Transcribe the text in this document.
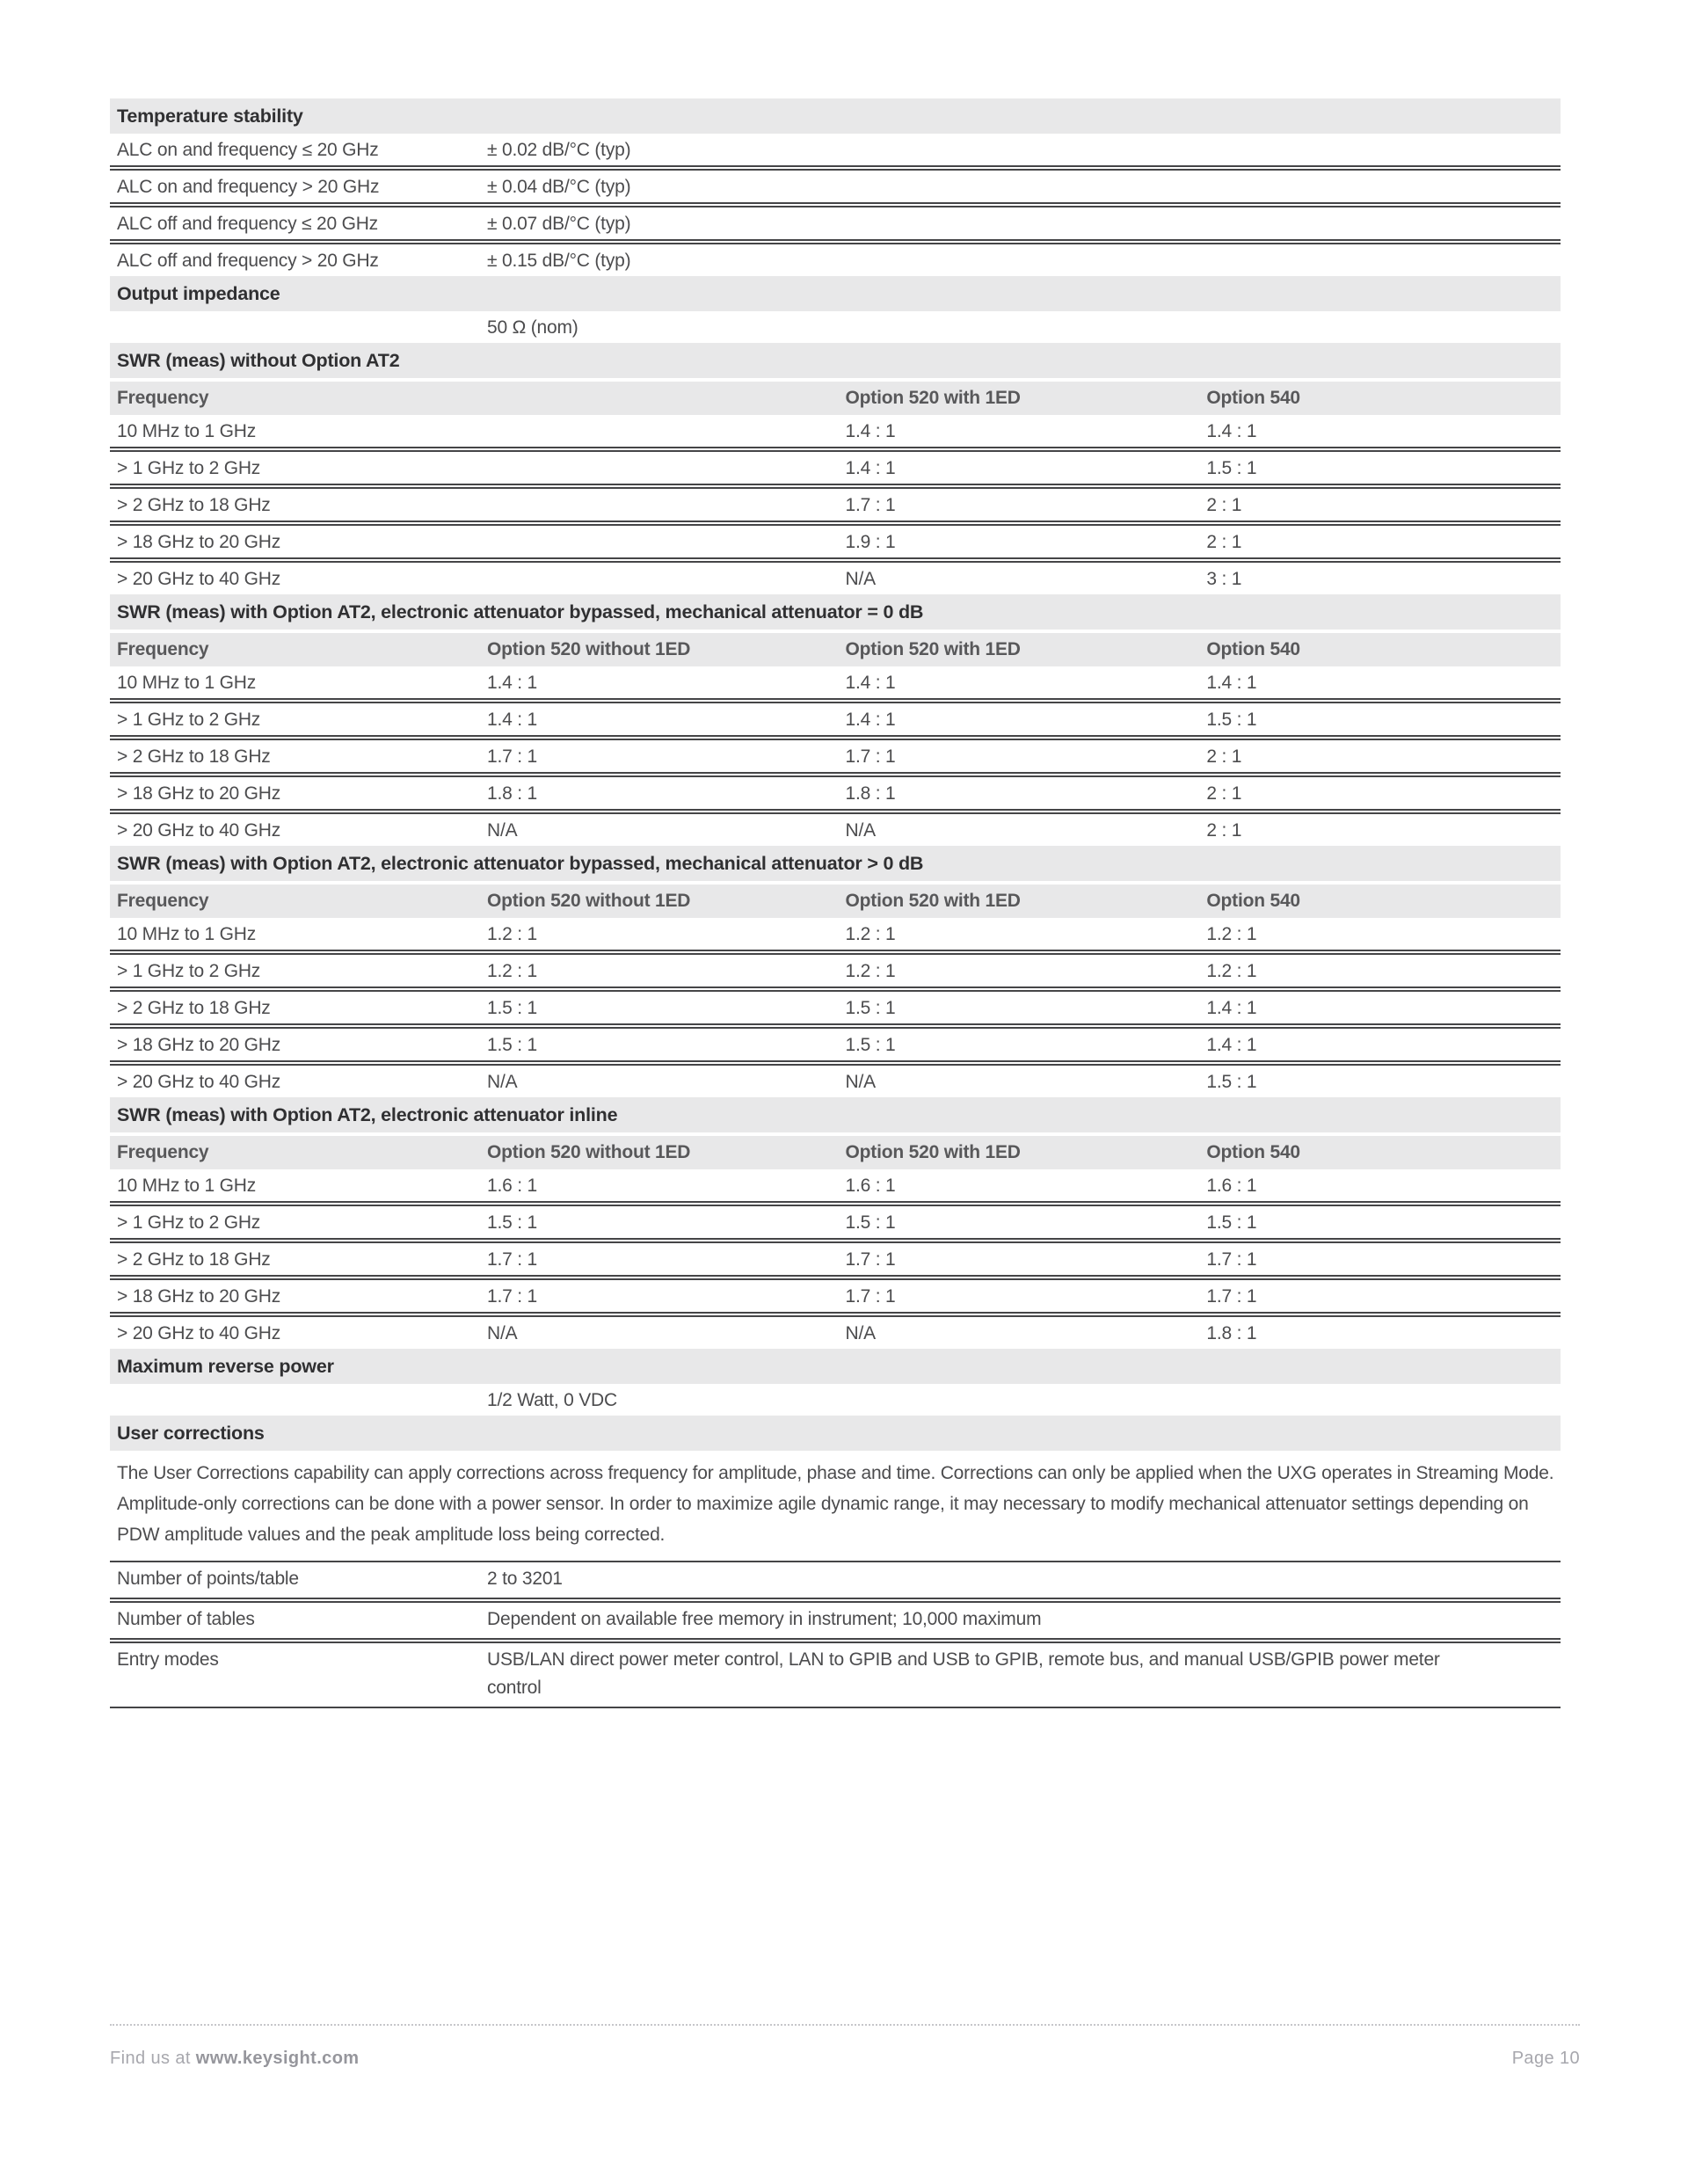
Temperature stability
ALC on and frequency ≤ 20 GHz	± 0.02 dB/°C (typ)
ALC on and frequency > 20 GHz	± 0.04 dB/°C (typ)
ALC off and frequency ≤ 20 GHz	± 0.07 dB/°C (typ)
ALC off and frequency > 20 GHz	± 0.15 dB/°C (typ)
Output impedance
50 Ω (nom)
SWR (meas) without Option AT2
Frequency	Option 520 with 1ED	Option 540
10 MHz to 1 GHz	1.4 : 1	1.4 : 1
> 1 GHz to 2 GHz	1.4 : 1	1.5 : 1
> 2 GHz to 18 GHz	1.7 : 1	2 : 1
> 18 GHz to 20 GHz	1.9 : 1	2 : 1
> 20 GHz to 40 GHz	N/A	3 : 1
SWR (meas) with Option AT2, electronic attenuator bypassed, mechanical attenuator = 0 dB
Frequency	Option 520 without 1ED	Option 520 with 1ED	Option 540
10 MHz to 1 GHz	1.4 : 1	1.4 : 1	1.4 : 1
> 1 GHz to 2 GHz	1.4 : 1	1.4 : 1	1.5 : 1
> 2 GHz to 18 GHz	1.7 : 1	1.7 : 1	2 : 1
> 18 GHz to 20 GHz	1.8 : 1	1.8 : 1	2 : 1
> 20 GHz to 40 GHz	N/A	N/A	2 : 1
SWR (meas) with Option AT2, electronic attenuator bypassed, mechanical attenuator > 0 dB
Frequency	Option 520 without 1ED	Option 520 with 1ED	Option 540
10 MHz to 1 GHz	1.2 : 1	1.2 : 1	1.2 : 1
> 1 GHz to 2 GHz	1.2 : 1	1.2 : 1	1.2 : 1
> 2 GHz to 18 GHz	1.5 : 1	1.5 : 1	1.4 : 1
> 18 GHz to 20 GHz	1.5 : 1	1.5 : 1	1.4 : 1
> 20 GHz to 40 GHz	N/A	N/A	1.5 : 1
SWR (meas) with Option AT2, electronic attenuator inline
Frequency	Option 520 without 1ED	Option 520 with 1ED	Option 540
10 MHz to 1 GHz	1.6 : 1	1.6 : 1	1.6 : 1
> 1 GHz to 2 GHz	1.5 : 1	1.5 : 1	1.5 : 1
> 2 GHz to 18 GHz	1.7 : 1	1.7 : 1	1.7 : 1
> 18 GHz to 20 GHz	1.7 : 1	1.7 : 1	1.7 : 1
> 20 GHz to 40 GHz	N/A	N/A	1.8 : 1
Maximum reverse power
1/2 Watt, 0 VDC
User corrections
The User Corrections capability can apply corrections across frequency for amplitude, phase and time. Corrections can only be applied when the UXG operates in Streaming Mode. Amplitude-only corrections can be done with a power sensor. In order to maximize agile dynamic range, it may necessary to modify mechanical attenuator settings depending on PDW amplitude values and the peak amplitude loss being corrected.
Number of points/table	2 to 3201
Number of tables	Dependent on available free memory in instrument; 10,000 maximum
Entry modes	USB/LAN direct power meter control, LAN to GPIB and USB to GPIB, remote bus, and manual USB/GPIB power meter control
Find us at www.keysight.com	Page 10
